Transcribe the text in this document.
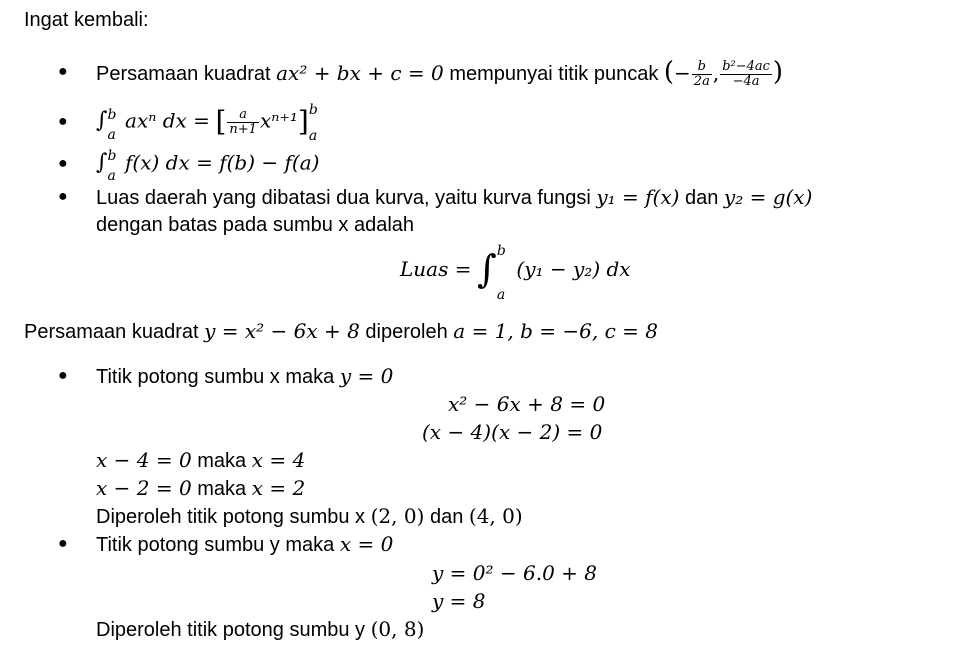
Ingat kembali:
● Persamaan kuadrat ax² + bx + c = 0 mempunyai titik puncak (− $\frac{b}{2a}$ , $\frac{\text{b²−4ac}}{-4a}$ )
● ∫ b
a
axⁿ dx = [ $\frac{a}{n+1} x^{n+1}$] b
a
● ∫ b
a
f(x) dx = f(b) − f(a)
● Luas daerah yang dibatasi dua kurva, yaitu kurva fungsi y₁ = f(x) dan y₂ = g(x)
dengan batas pada sumbu x adalah
Luas = ∫ b
a
(y₁ − y₂) dx
Persamaan kuadrat y = x² − 6x + 8 diperoleh a = 1, b = −6, c = 8
● Titik potong sumbu x maka y = 0
x² − 6x + 8 = 0
(x − 4)(x − 2) = 0
x − 4 = 0 maka x = 4
x − 2 = 0 maka x = 2
Diperoleh titik potong sumbu x (2, 0) dan (4, 0)
● Titik potong sumbu y maka x = 0
y = 0² − 6.0 + 8
y = 8
Diperoleh titik potong sumbu y (0, 8)
